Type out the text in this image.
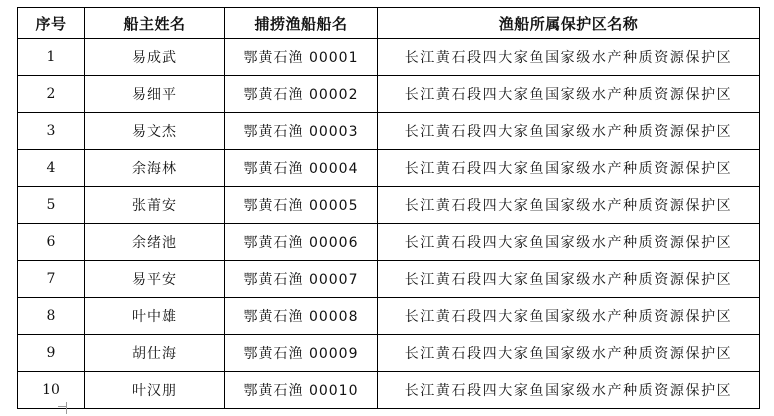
序号	船主姓名	捕捞渔船船名	渔船所属保护区名称
1	易成武	鄂黄石渔 00001	长江黄石段四大家鱼国家级水产种质资源保护区
2	易细平	鄂黄石渔 00002	长江黄石段四大家鱼国家级水产种质资源保护区
3	易文杰	鄂黄石渔 00003	长江黄石段四大家鱼国家级水产种质资源保护区
4	余海林	鄂黄石渔 00004	长江黄石段四大家鱼国家级水产种质资源保护区
5	张莆安	鄂黄石渔 00005	长江黄石段四大家鱼国家级水产种质资源保护区
6	余绪池	鄂黄石渔 00006	长江黄石段四大家鱼国家级水产种质资源保护区
7	易平安	鄂黄石渔 00007	长江黄石段四大家鱼国家级水产种质资源保护区
8	叶中雄	鄂黄石渔 00008	长江黄石段四大家鱼国家级水产种质资源保护区
9	胡仕海	鄂黄石渔 00009	长江黄石段四大家鱼国家级水产种质资源保护区
10	叶汉朋	鄂黄石渔 00010	长江黄石段四大家鱼国家级水产种质资源保护区
